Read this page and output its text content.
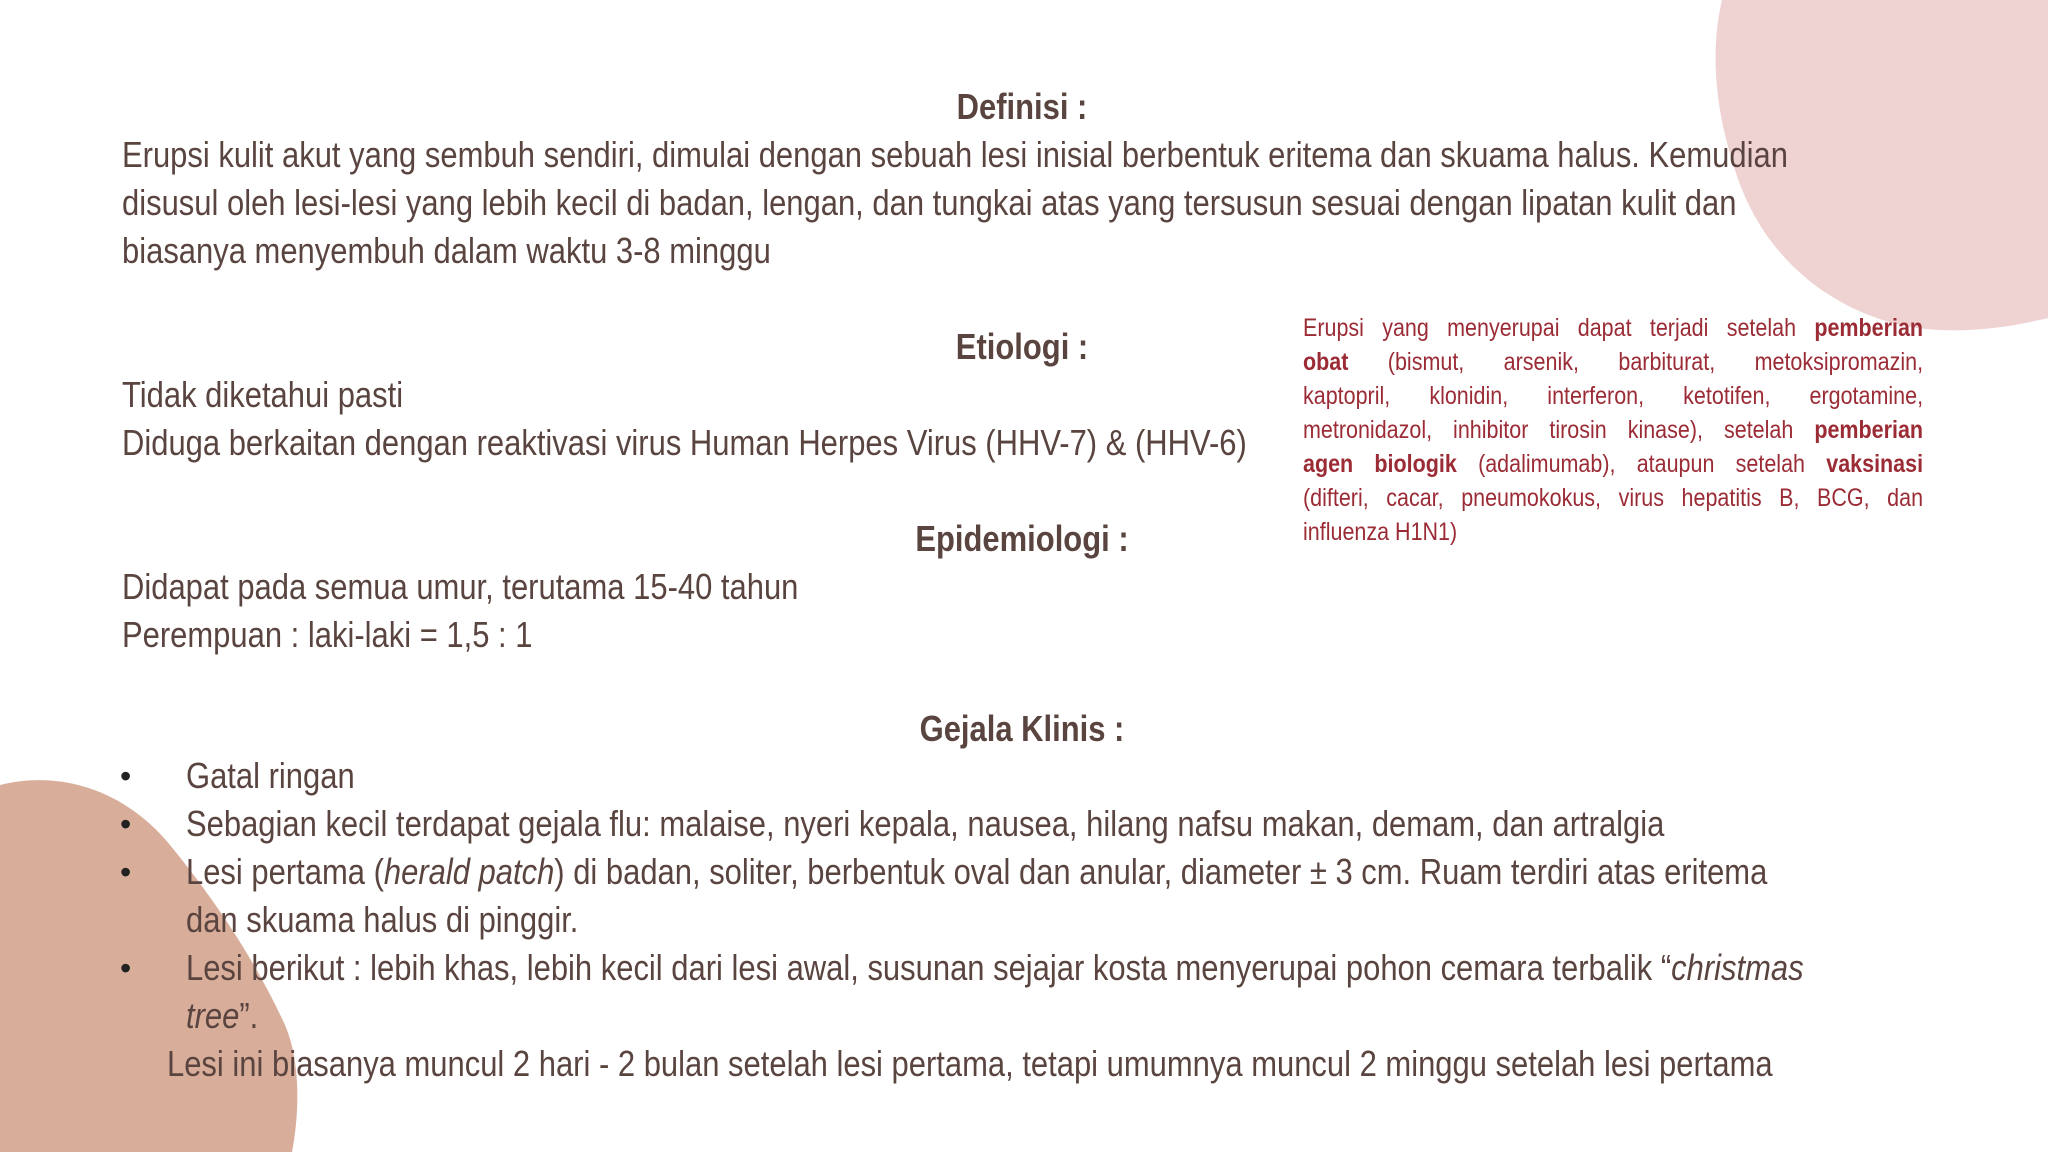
Definisi :
Erupsi kulit akut yang sembuh sendiri, dimulai dengan sebuah lesi inisial berbentuk eritema dan skuama halus. Kemudian
disusul oleh lesi-lesi yang lebih kecil di badan, lengan, dan tungkai atas yang tersusun sesuai dengan lipatan kulit dan
biasanya menyembuh dalam waktu 3-8 minggu
Etiologi :
Tidak diketahui pasti
Diduga berkaitan dengan reaktivasi virus Human Herpes Virus (HHV-7) & (HHV-6)
Erupsi yang menyerupai dapat terjadi setelah pemberian
obat (bismut, arsenik, barbiturat, metoksipromazin,
kaptopril, klonidin, interferon, ketotifen, ergotamine,
metronidazol, inhibitor tirosin kinase), setelah pemberian
agen biologik (adalimumab), ataupun setelah vaksinasi
(difteri, cacar, pneumokokus, virus hepatitis B, BCG, dan
influenza H1N1)
Epidemiologi :
Didapat pada semua umur, terutama 15-40 tahun
Perempuan : laki-laki = 1,5 : 1
Gejala Klinis :
• Gatal ringan
• Sebagian kecil terdapat gejala flu: malaise, nyeri kepala, nausea, hilang nafsu makan, demam, dan artralgia
• Lesi pertama (herald patch) di badan, soliter, berbentuk oval dan anular, diameter ± 3 cm. Ruam terdiri atas eritema
dan skuama halus di pinggir.
• Lesi berikut : lebih khas, lebih kecil dari lesi awal, susunan sejajar kosta menyerupai pohon cemara terbalik “christmas
tree”.
Lesi ini biasanya muncul 2 hari - 2 bulan setelah lesi pertama, tetapi umumnya muncul 2 minggu setelah lesi pertama
